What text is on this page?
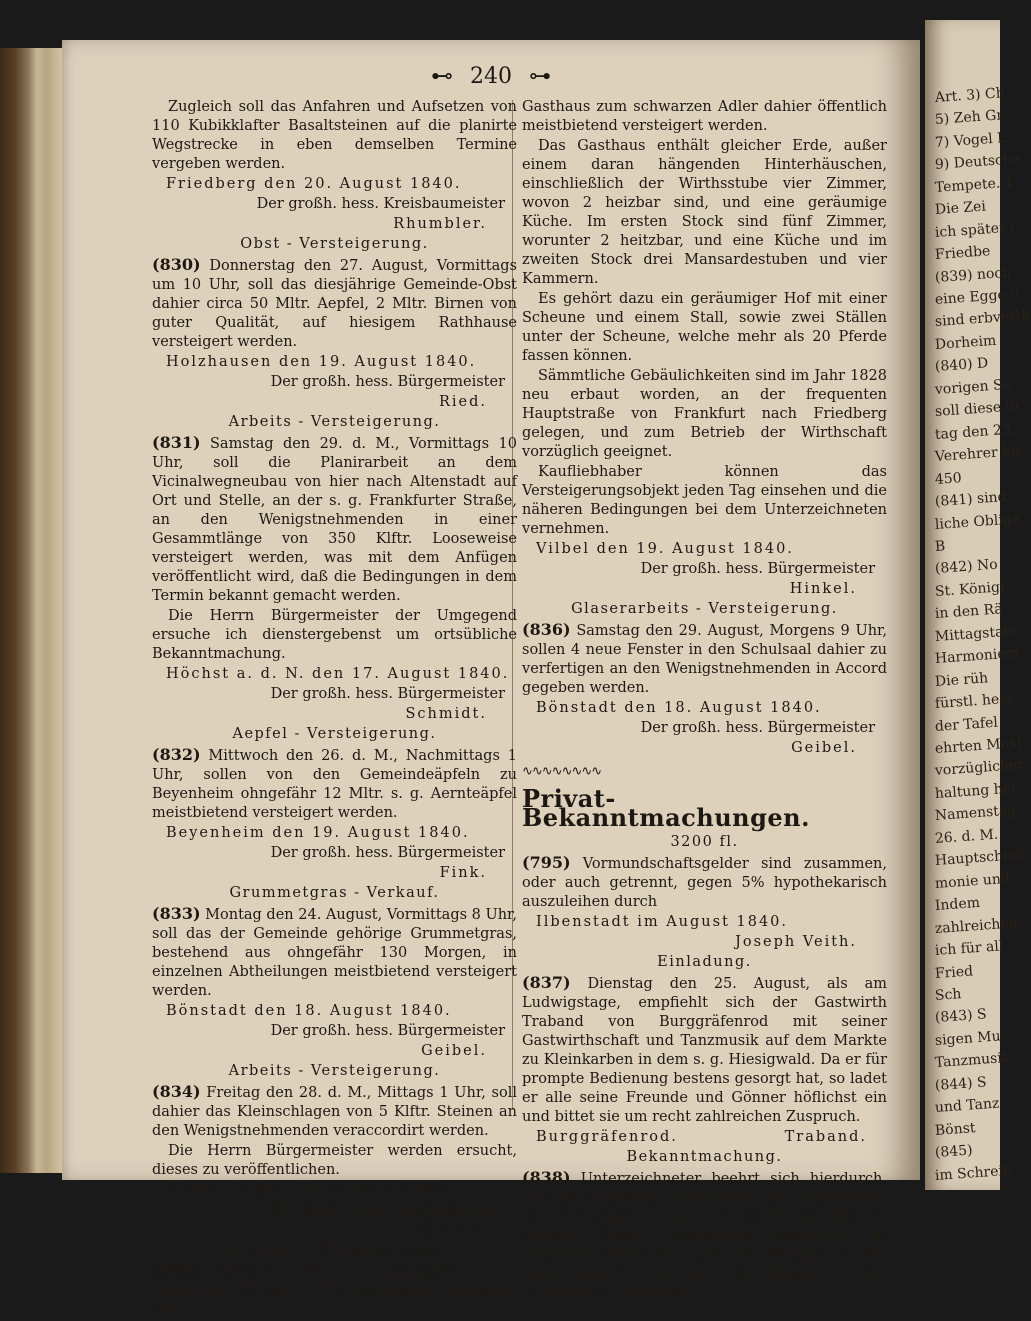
⊷ 240 ⊶

Zugleich soll das Anfahren und Aufsetzen von 110 Kubikklafter Basaltsteinen auf die planirte Wegstrecke in eben demselben Termine vergeben werden.

Friedberg den 20. August 1840.

Der großh. hess. Kreisbaumeister

Rhumbler.

Obst - Versteigerung.

(830) Donnerstag den 27. August, Vormittags um 10 Uhr, soll das diesjährige Gemeinde-Obst dahier circa 50 Mltr. Aepfel, 2 Mltr. Birnen von guter Qualität, auf hiesigem Rathhause versteigert werden.

Holzhausen den 19. August 1840.

Der großh. hess. Bürgermeister

Ried.

Arbeits - Versteigerung.

(831) Samstag den 29. d. M., Vormittags 10 Uhr, soll die Planirarbeit an dem Vicinalwegneubau von hier nach Altenstadt auf Ort und Stelle, an der s. g. Frankfurter Straße, an den Wenigstnehmenden in einer Gesammtlänge von 350 Klftr. Looseweise versteigert werden, was mit dem Anfügen veröffentlicht wird, daß die Bedingungen in dem Termin bekannt gemacht werden.

Die Herrn Bürgermeister der Umgegend ersuche ich dienstergebenst um ortsübliche Bekanntmachung.

Höchst a. d. N. den 17. August 1840.

Der großh. hess. Bürgermeister

Schmidt.

Aepfel - Versteigerung.

(832) Mittwoch den 26. d. M., Nachmittags 1 Uhr, sollen von den Gemeindeäpfeln zu Beyenheim ohngefähr 12 Mltr. s. g. Aernteäpfel meistbietend versteigert werden.

Beyenheim den 19. August 1840.

Der großh. hess. Bürgermeister

Fink.

Grummetgras - Verkauf.

(833) Montag den 24. August, Vormittags 8 Uhr, soll das der Gemeinde gehörige Grummetgras, bestehend aus ohngefähr 130 Morgen, in einzelnen Abtheilungen meistbietend versteigert werden.

Bönstadt den 18. August 1840.

Der großh. hess. Bürgermeister

Geibel.

Arbeits - Versteigerung.

(834) Freitag den 28. d. M., Mittags 1 Uhr, soll dahier das Kleinschlagen von 5 Klftr. Steinen an den Wenigstnehmenden veraccordirt werden.

Die Herrn Bürgermeister werden ersucht, dieses zu veröffentlichen.

Bönstadt den 18. August 1840.

Der großh. hess. Bürgermeister

Geibel.

Gasthaus - Versteigerung.

(835) Dienstag den 15. September l. J., Vormittags 10 Uhr, soll auf hiesigem Rathhaus das

Gasthaus zum schwarzen Adler dahier öffentlich meistbietend versteigert werden.

Das Gasthaus enthält gleicher Erde, außer einem daran hängenden Hinterhäuschen, einschließlich der Wirthsstube vier Zimmer, wovon 2 heizbar sind, und eine geräumige Küche. Im ersten Stock sind fünf Zimmer, worunter 2 heitzbar, und eine Küche und im zweiten Stock drei Mansardestuben und vier Kammern.

Es gehört dazu ein geräumiger Hof mit einer Scheune und einem Stall, sowie zwei Ställen unter der Scheune, welche mehr als 20 Pferde fassen können.

Sämmtliche Gebäulichkeiten sind im Jahr 1828 neu erbaut worden, an der frequenten Hauptstraße von Frankfurt nach Friedberg gelegen, und zum Betrieb der Wirthschaft vorzüglich geeignet.

Kaufliebhaber können das Versteigerungsobjekt jeden Tag einsehen und die näheren Bedingungen bei dem Unterzeichneten vernehmen.

Vilbel den 19. August 1840.

Der großh. hess. Bürgermeister

Hinkel.

Glaserarbeits - Versteigerung.

(836) Samstag den 29. August, Morgens 9 Uhr, sollen 4 neue Fenster in den Schulsaal dahier zu verfertigen an den Wenigstnehmenden in Accord gegeben werden.

Bönstadt den 18. August 1840.

Der großh. hess. Bürgermeister

Geibel.

∿∿∿∿∿∿∿∿

Privat-Bekanntmachungen.

3200 fl.

(795) Vormundschaftsgelder sind zusammen, oder auch getrennt, gegen 5% hypothekarisch auszuleihen durch

Ilbenstadt im August 1840.

Joseph Veith.

Einladung.

(837) Dienstag den 25. August, als am Ludwigstage, empfiehlt sich der Gastwirth Traband von Burggräfenrod mit seiner Gastwirthschaft und Tanzmusik auf dem Markte zu Kleinkarben in dem s. g. Hiesigwald. Da er für prompte Bedienung bestens gesorgt hat, so ladet er alle seine Freunde und Gönner höflichst ein und bittet sie um recht zahlreichen Zuspruch.

Burggräfenrod.	Traband.

Bekanntmachung.

(838) Unterzeichneter beehrt sich hierdurch, vorläufig ergebenst anzuzeigen, daß er gesonnen ist in hiesiger Stadt Unterricht im Tanzen, Fechten, Reiten, Schwimmen, Turnen ꝛc. zu ertheilen. Folgende Tänze verpflichtet er sich seine Schüler zu lehren: 1) Der Einzug in Paris. 2) Walzer auf zweierlei

Art. 3) Ch
5) Zeh Gr
7) Vogel L
9) Deutsche
Tempete. 1
Die Zei
ich später i
Friedbe
(839) noch
eine Egge n
sind erbverth
Dorheim
(840) D
vorigen So
soll diese in
tag den 23.
Verehrer hie
450
(841) sind
liche Obliga
B
(842) No
St. Königl.
in den Rä
Mittagstafe
Harmoniem
Die rüh
fürstl. hess.
der Tafel
ehrten Musi
vorzüglicher
haltung her
Namenstag
26. d. M.
Hauptschieß
monie und
Indem
zahlreichen
ich für all
Fried
Sch
(843) S
sigen Mu
Tanzmusik
(844) S
und Tanz
Bönst
(845)
im Schreib
